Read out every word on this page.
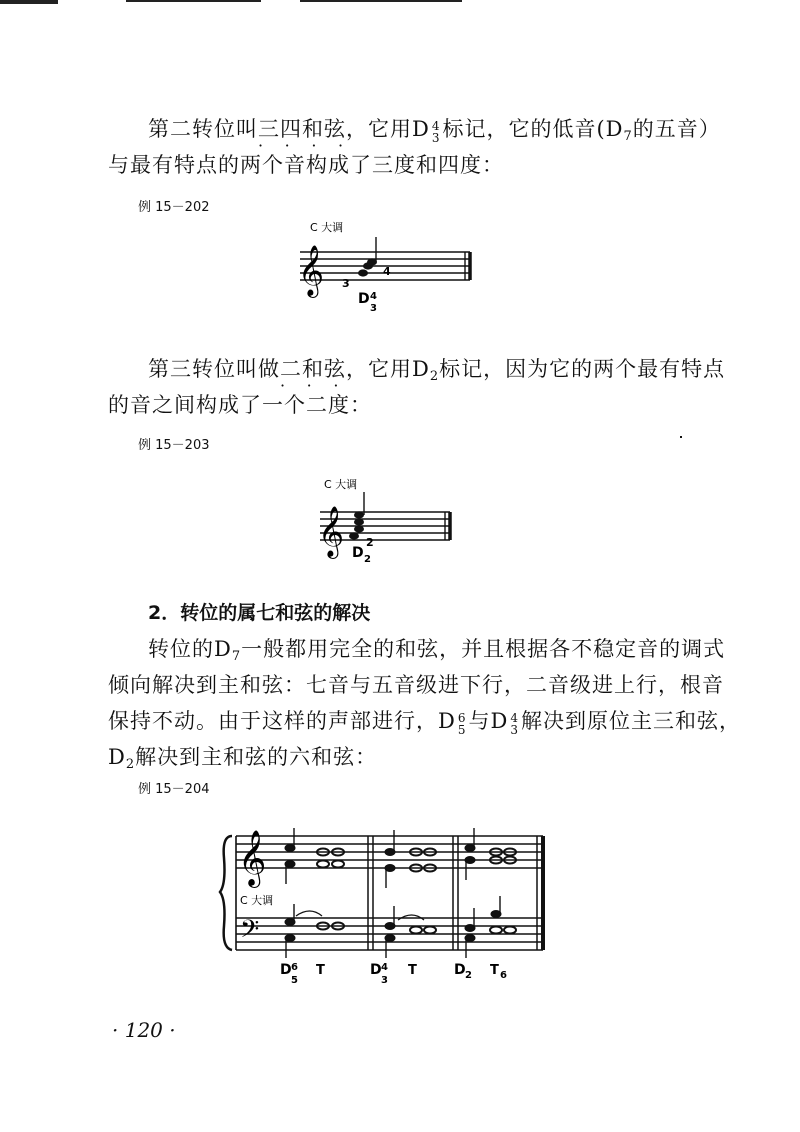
第二转位叫三四和弦，它用D 4
3 标记，它的低音($D_7$的五音）
· · · ·
与最有特点的两个音构成了三度和四度：
例 15－202
C 大调
𝄞 3
4
D 4
3
第三转位叫做二和弦，它用$D_2$标记，因为它的两个最有特点
· · ·
的音之间构成了一个二度：
例 15－203
C 大调
𝄞 2
D 2
2．转位的属七和弦的解决
转位的$D_7$一般都用完全的和弦，并且根据各不稳定音的调式
倾向解决到主和弦：七音与五音级进下行，二音级进上行，根音
保持不动。由于这样的声部进行，D 6
5 与D 4
3 解决到原位主三和弦，
$D_2$解决到主和弦的六和弦：
例 15－204
𝄞
𝄢
C 大调
D 6
5
T	D 4
3
T	D 2 T 6
· 120 ·
